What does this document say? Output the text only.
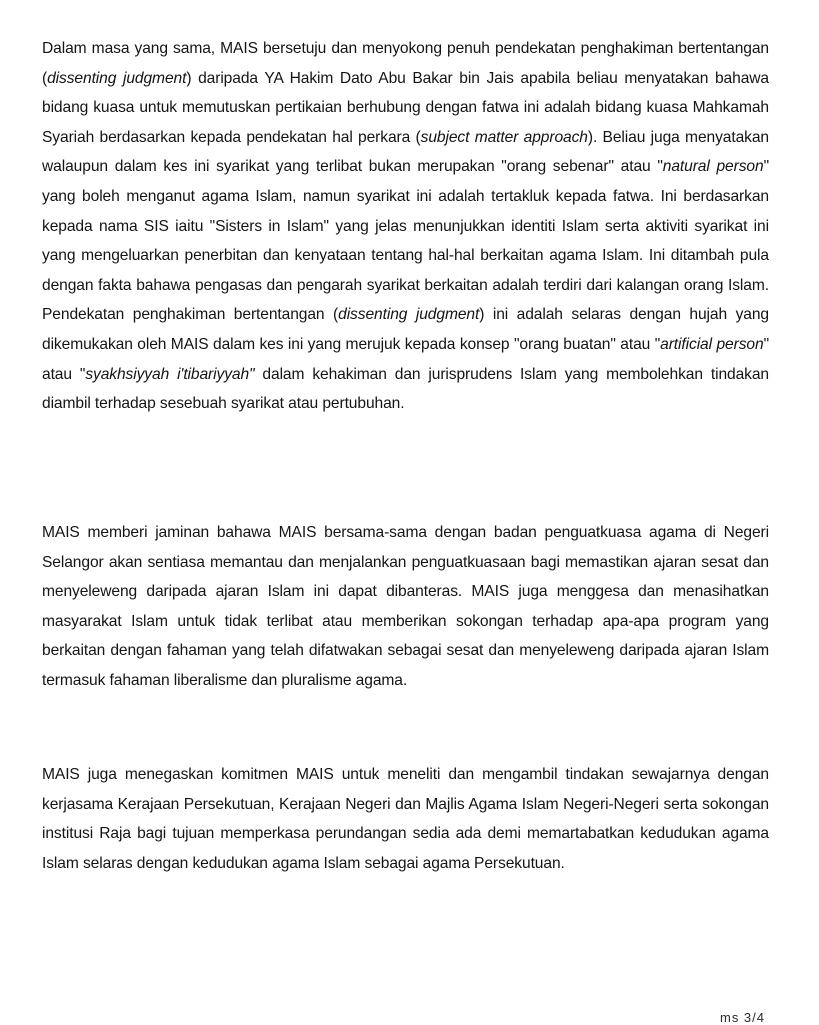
Dalam masa yang sama, MAIS bersetuju dan menyokong penuh pendekatan penghakiman bertentangan (dissenting judgment) daripada YA Hakim Dato Abu Bakar bin Jais apabila beliau menyatakan bahawa bidang kuasa untuk memutuskan pertikaian berhubung dengan fatwa ini adalah bidang kuasa Mahkamah Syariah berdasarkan kepada pendekatan hal perkara (subject matter approach). Beliau juga menyatakan walaupun dalam kes ini syarikat yang terlibat bukan merupakan "orang sebenar" atau "natural person" yang boleh menganut agama Islam, namun syarikat ini adalah tertakluk kepada fatwa. Ini berdasarkan kepada nama SIS iaitu "Sisters in Islam" yang jelas menunjukkan identiti Islam serta aktiviti syarikat ini yang mengeluarkan penerbitan dan kenyataan tentang hal-hal berkaitan agama Islam. Ini ditambah pula dengan fakta bahawa pengasas dan pengarah syarikat berkaitan adalah terdiri dari kalangan orang Islam. Pendekatan penghakiman bertentangan (dissenting judgment) ini adalah selaras dengan hujah yang dikemukakan oleh MAIS dalam kes ini yang merujuk kepada konsep "orang buatan" atau "artificial person" atau "syakhsiyyah i'tibariyyah" dalam kehakiman dan jurisprudens Islam yang membolehkan tindakan diambil terhadap sesebuah syarikat atau pertubuhan.

MAIS memberi jaminan bahawa MAIS bersama-sama dengan badan penguatkuasa agama di Negeri Selangor akan sentiasa memantau dan menjalankan penguatkuasaan bagi memastikan ajaran sesat dan menyeleweng daripada ajaran Islam ini dapat dibanteras. MAIS juga menggesa dan menasihatkan masyarakat Islam untuk tidak terlibat atau memberikan sokongan terhadap apa-apa program yang berkaitan dengan fahaman yang telah difatwakan sebagai sesat dan menyeleweng daripada ajaran Islam termasuk fahaman liberalisme dan pluralisme agama.

MAIS juga menegaskan komitmen MAIS untuk meneliti dan mengambil tindakan sewajarnya dengan kerjasama Kerajaan Persekutuan, Kerajaan Negeri dan Majlis Agama Islam Negeri-Negeri serta sokongan institusi Raja bagi tujuan memperkasa perundangan sedia ada demi memartabatkan kedudukan agama Islam selaras dengan kedudukan agama Islam sebagai agama Persekutuan.

ms 3/4
